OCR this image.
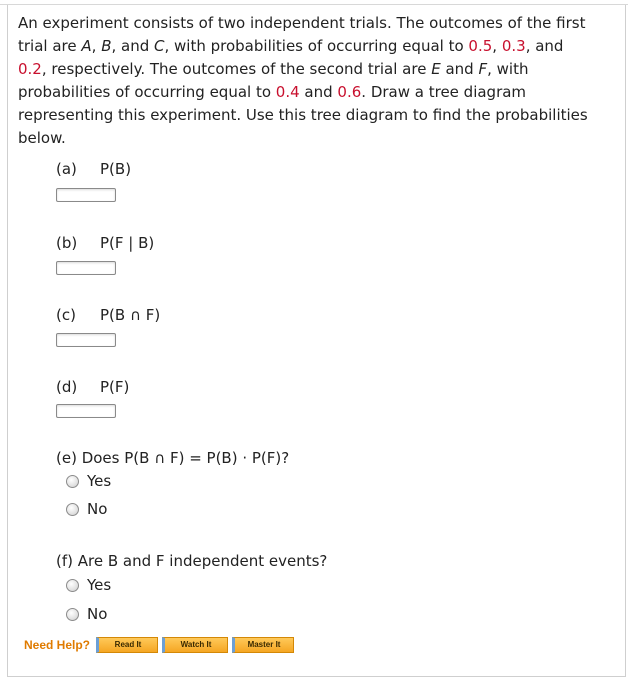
An experiment consists of two independent trials. The outcomes of the first trial are A, B, and C, with probabilities of occurring equal to 0.5, 0.3, and
0.2, respectively. The outcomes of the second trial are E and F, with probabilities of occurring equal to 0.4 and 0.6. Draw a tree diagram representing this experiment. Use this tree diagram to find the probabilities below.

(a) P(B)
(b) P(F | B)
(c) P(B ∩ F)
(d) P(F)
(e) Does P(B ∩ F) = P(B) · P(F)?
Yes
No
(f) Are B and F independent events?
Yes
No
Need Help?	Read It	Watch It	Master It
